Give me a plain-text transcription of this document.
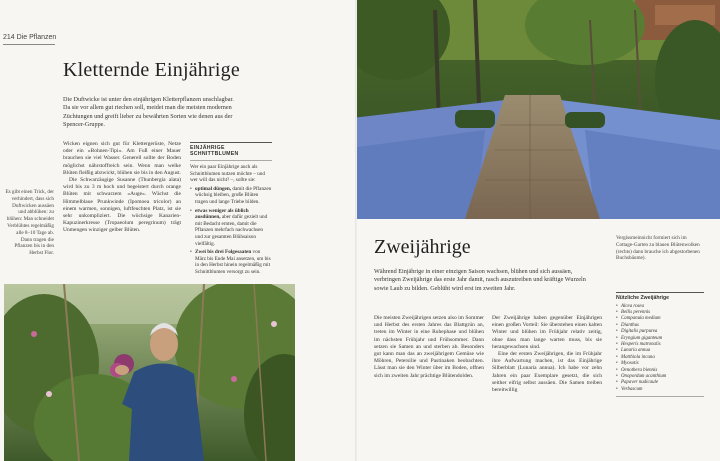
214 Die Pflanzen
Kletternde Einjährige

Die Duftwicke ist unter den einjährigen Kletterpflanzen unschlagbar. Da sie vor allem gut riechen soll, meidet man die meisten modernen Züchtungen und greift lieber zu bewährten Sorten wie denen aus der Spencer-Gruppe.

Wicken eignen sich gut für Klettergerüste, Netze oder ein »Bohnen-Tipi«. Am Fuß einer Mauer brauchen sie viel Wasser. Generell sollte der Boden möglichst nährstoffreich sein. Wenn man welke Blüten fleißig abzwickt, blühen sie bis in den August.

Die Schwarzäugige Susanne (Thunbergia alata) wird bis zu 3 m hoch und begeistert durch orange Blüten mit schwarzem »Auge«. Wächst die Himmelblaue Prunkwinde (Ipomoea tricolor) an einem warmen, sonnigen, luftfeuchten Platz, ist sie sehr unkompliziert. Die wüchsige Kanarien-Kapuzinerkresse (Tropaeolum peregrinum) trägt Unmengen winziger gelber Blüten.

Es gibt einen Trick, der verhindert, dass sich Duftwicken aussäen und abblühen: zu blühen: Man schneidet Verblühtes regelmäßig alle 8–10 Tage ab. Dann tragen die Pflanzen bis in den Herbst Flor.

EINJÄHRIGE SCHNITTBLUMEN

Wer ein paar Einjährige auch als Schnittblumen nutzen möchte – und wer will das nicht? –, sollte sie:

• optimal düngen, damit die Pflanzen wüchsig bleiben, große Blüten tragen und lange Triebe bilden.
• etwas weniger als üblich ausdünnen, aber dafür gezielt und mit Bedacht ernten, damit die Pflanzen mehrfach nachwachsen und zur gesamten Blühsaison vielfältig.
• Zwei bis drei Folgesaaten von März bis Ende Mai ansetzen, um bis in den Herbst hinein regelmäßig mit Schnittblumen versorgt zu sein.
Zweijährige

Während Einjährige in einer einzigen Saison wachsen, blühen und sich aussäen, verbringen Zweijährige das erste Jahr damit, rasch auszutreiben und kräftige Wurzeln sowie Laub zu bilden. Geblüht wird erst im zweiten Jahr.

Die meisten Zweijährigen setzen also im Sommer und Herbst des ersten Jahres das Blattgrün an, treten im Winter in eine Ruhephase und blühen im nächsten Frühjahr und Frühsommer. Dann setzen sie Samen an und sterben ab. Besonders gut kann man das an zweijährigem Gemüse wie Möhren, Petersilie und Pastinaken beobachten. Lässt man sie den Winter über im Boden, offnen sich im zweiten Jahr prächtige Blütendolden.

Der Zweijährige haben gegenüber Einjährigen einen großen Vorteil: Sie überstehen einen kalten Winter und blühen im Frühjahr relativ zeitig, ohne dass man lange warten muss, bis sie herangewachsen sind.

Eine der ersten Zweijährigen, die im Frühjahr ihre Aufwartung machen, ist das Einjährige Silberblatt (Lunaria annua). Ich habe vor zehn Jahren ein paar Exemplare gesetzt, die sich seither eifrig selbst aussäen. Die Samen treiben bereitwillig

Vergissmeinnicht formiert sich im Cottage-Garten zu blauen Blütenwolken (rechts) dann brauche ich abgestorbenen Buchsbäume).

Nützliche Zweijährige
• Alcea rosea
• Bellis perennis
• Campanula medium
• Dianthus
• Digitalis purpurea
• Eryngium giganteum
• Hesperis matronalis
• Lunaria annua
• Matthiola incana
• Myosotis
• Oenothera biennis
• Onopordum acanthium
• Papaver nudicaule
• Verbascum
